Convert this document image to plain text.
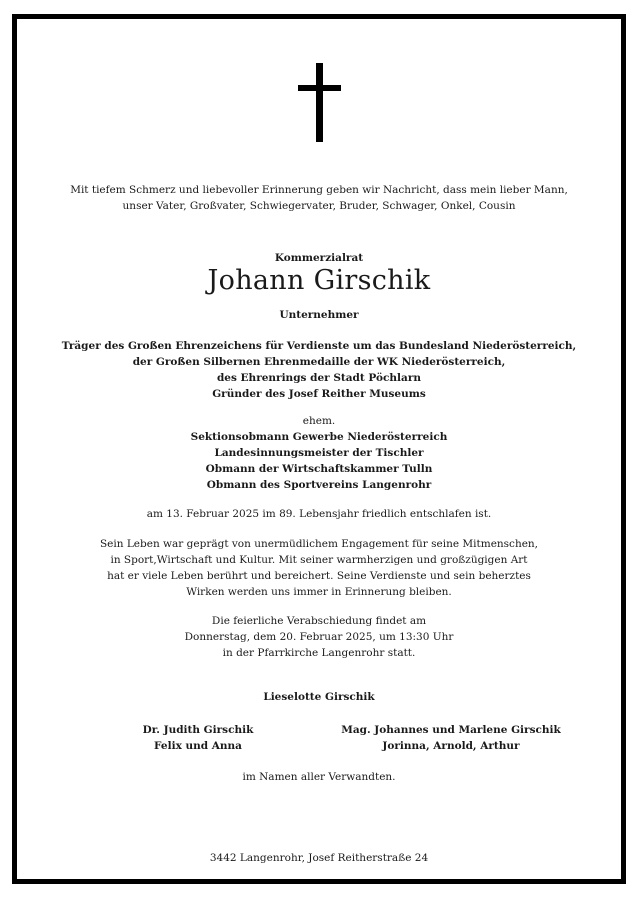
Mit tiefem Schmerz und liebevoller Erinnerung geben wir Nachricht, dass mein lieber Mann,
unser Vater, Großvater, Schwiegervater, Bruder, Schwager, Onkel, Cousin
Kommerzialrat
Johann Girschik
Unternehmer
Träger des Großen Ehrenzeichens für Verdienste um das Bundesland Niederösterreich,
der Großen Silbernen Ehrenmedaille der WK Niederösterreich,
des Ehrenrings der Stadt Pöchlarn
Gründer des Josef Reither Museums
ehem.
Sektionsobmann Gewerbe Niederösterreich
Landesinnungsmeister der Tischler
Obmann der Wirtschaftskammer Tulln
Obmann des Sportvereins Langenrohr
am 13. Februar 2025 im 89. Lebensjahr friedlich entschlafen ist.
Sein Leben war geprägt von unermüdlichem Engagement für seine Mitmenschen,
in Sport,Wirtschaft und Kultur. Mit seiner warmherzigen und großzügigen Art
hat er viele Leben berührt und bereichert. Seine Verdienste und sein beherztes
Wirken werden uns immer in Erinnerung bleiben.
Die feierliche Verabschiedung findet am
Donnerstag, dem 20. Februar 2025, um 13:30 Uhr
in der Pfarrkirche Langenrohr statt.
Lieselotte Girschik
Dr. Judith Girschik
Felix und Anna
Mag. Johannes und Marlene Girschik
Jorinna, Arnold, Arthur
im Namen aller Verwandten.
3442 Langenrohr, Josef Reitherstraße 24
